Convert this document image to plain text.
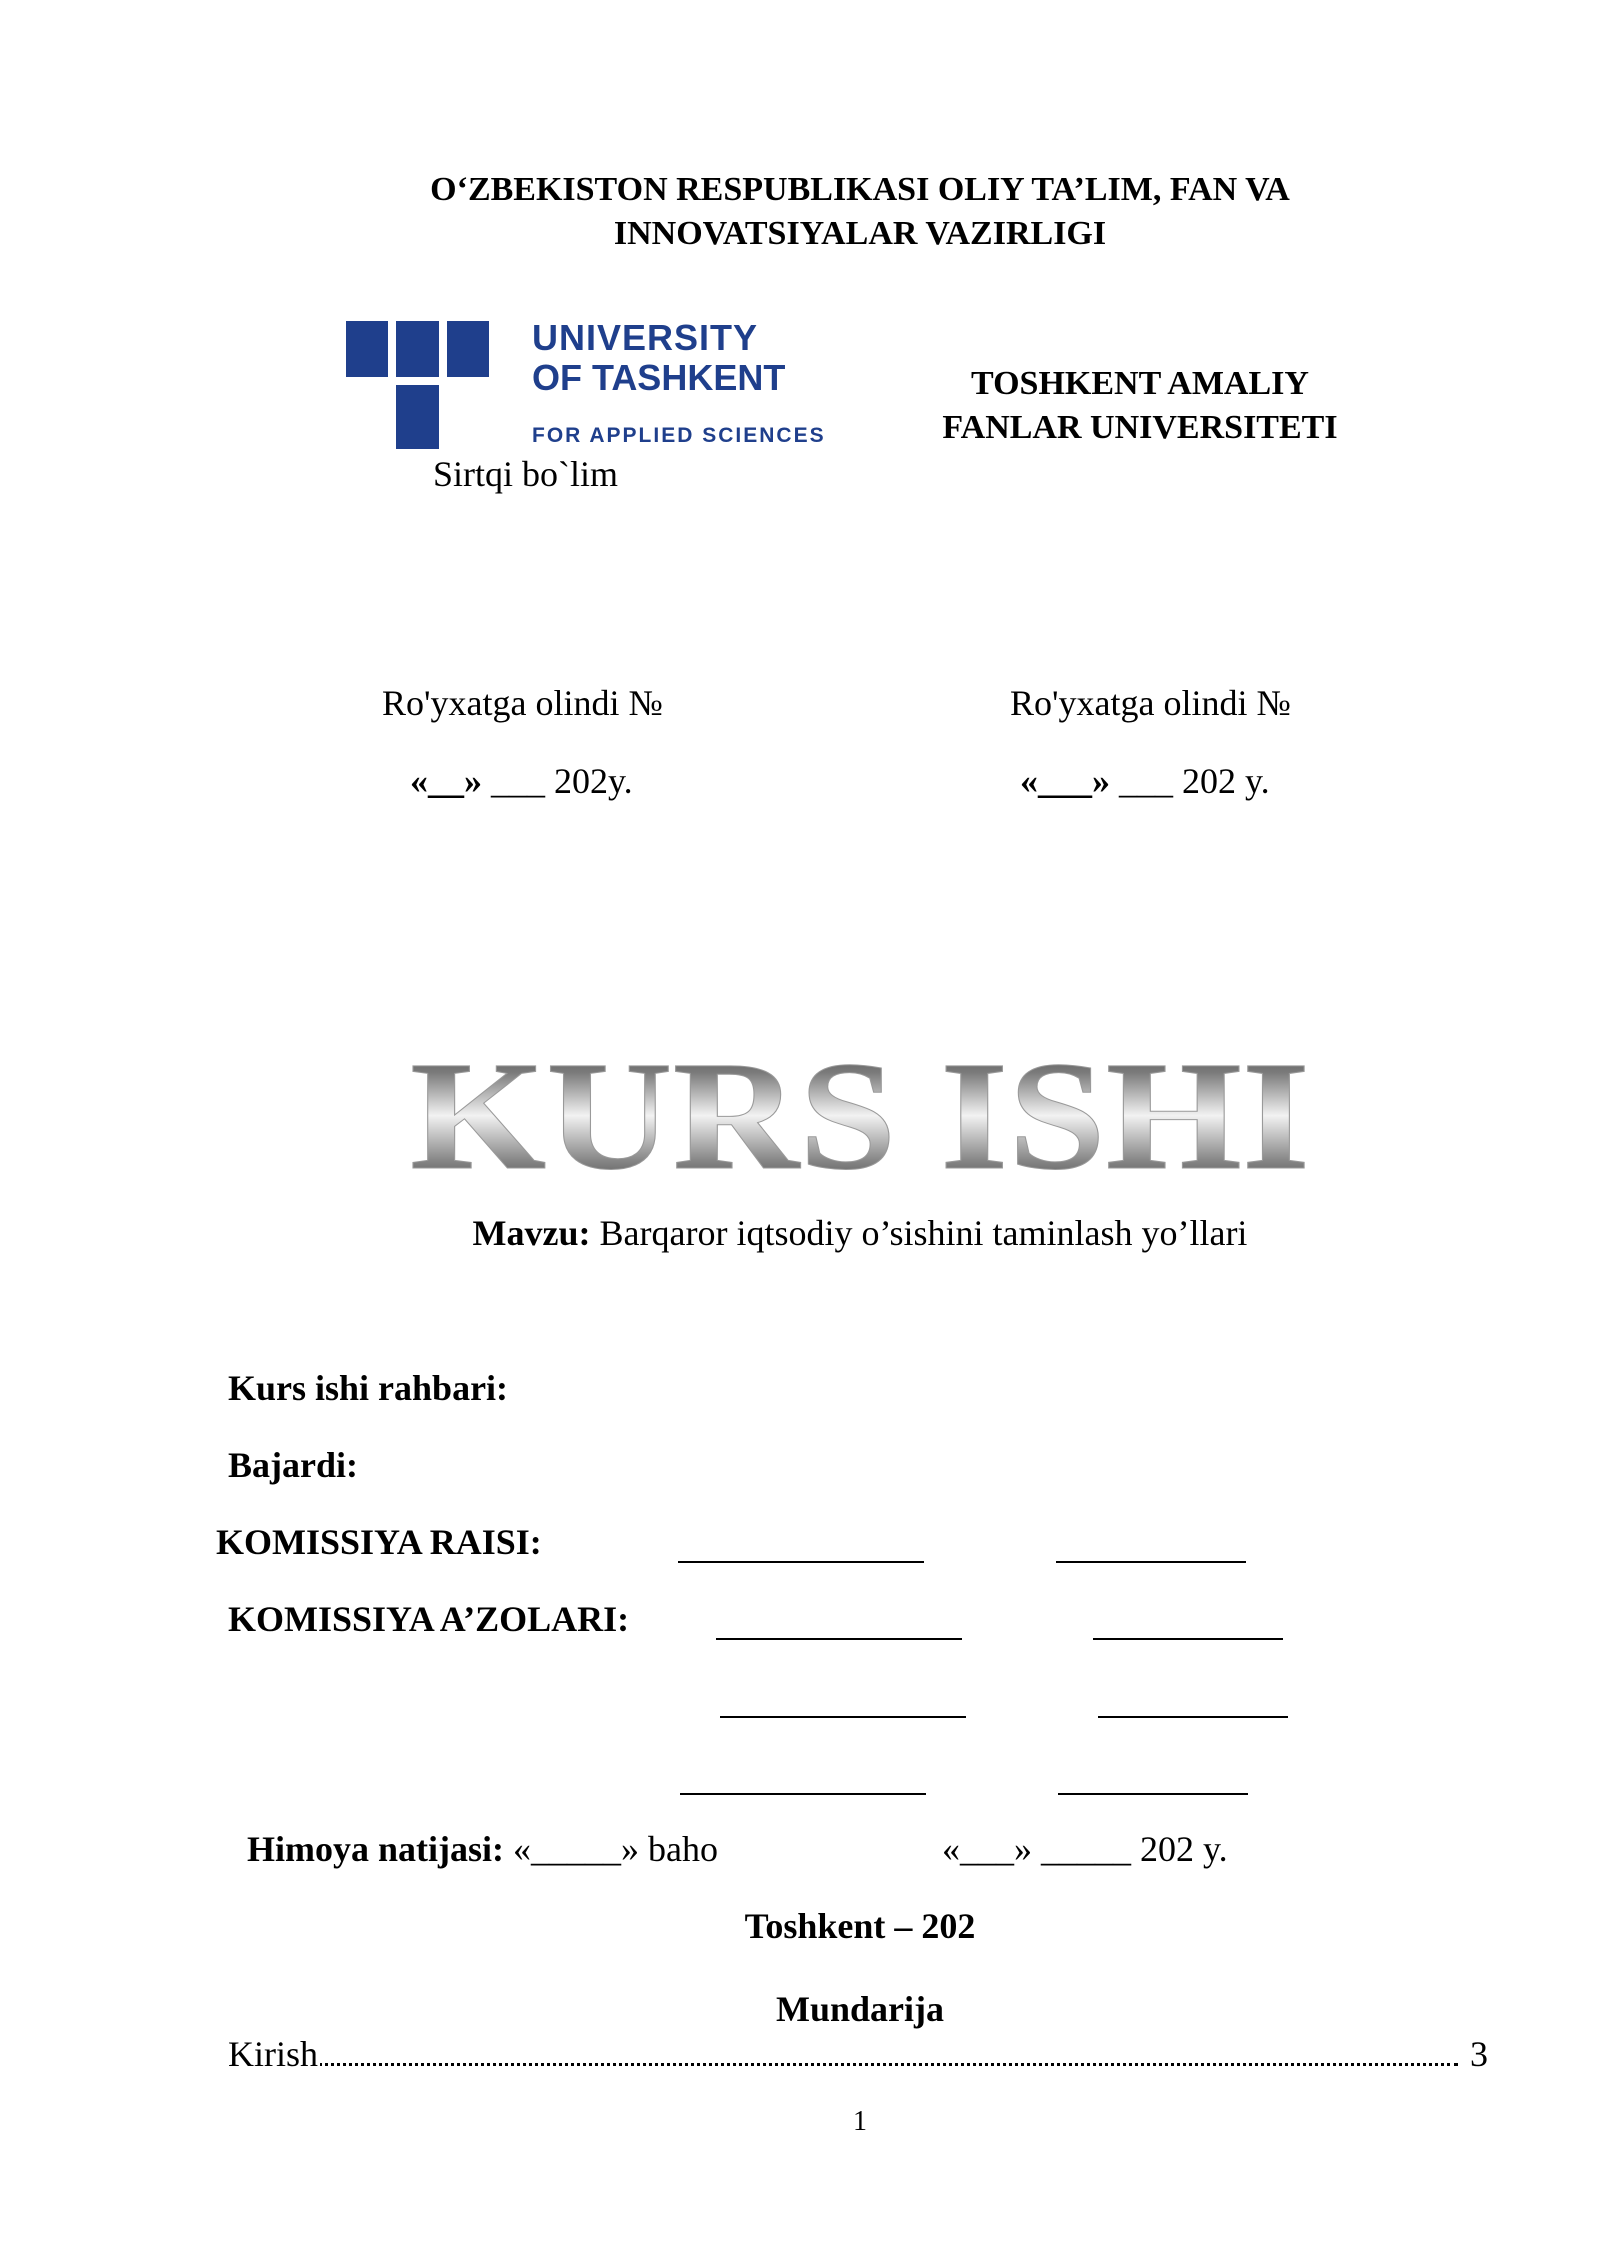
O‘ZBEKISTON RESPUBLIKASI OLIY TA’LIM, FAN VA
INNOVATSIYALAR VAZIRLIGI
UNIVERSITY
OF TASHKENT
FOR APPLIED SCIENCES
TOSHKENT AMALIY
FANLAR UNIVERSITETI
Sirtqi bo`lim
Ro'yxatga olindi №	Ro'yxatga olindi №
«__» ___ 202y.	«___» ___ 202 y.
KURS ISHI
Mavzu: Barqaror iqtsodiy o’sishini taminlash yo’llari
Kurs ishi rahbari:
Bajardi:
KOMISSIYA RAISI:
KOMISSIYA A’ZOLARI:
Himoya natijasi: «_____» baho	«___» _____ 202 y.
Toshkent – 202
Mundarija
Kirish	3
1
